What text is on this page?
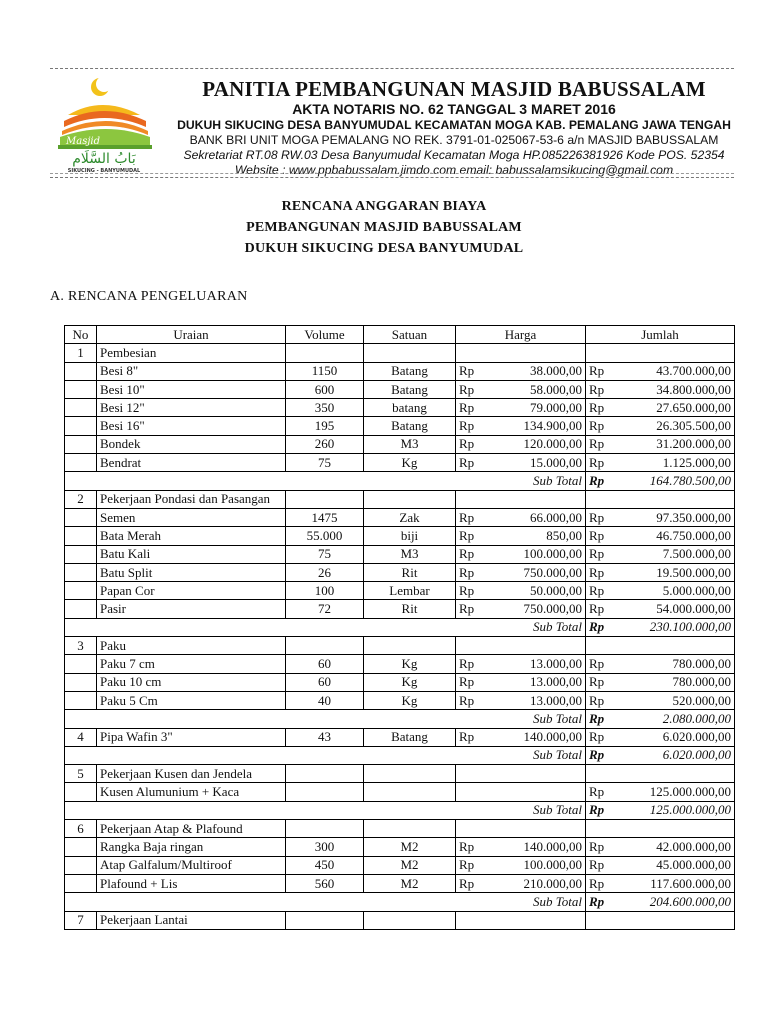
Masjid
بَابُ السَّلَام
SIKUCING - BANYUMUDAL
PANITIA PEMBANGUNAN MASJID BABUSSALAM
AKTA NOTARIS NO. 62 TANGGAL 3 MARET 2016
DUKUH SIKUCING DESA BANYUMUDAL KECAMATAN MOGA KAB. PEMALANG JAWA TENGAH
BANK BRI UNIT MOGA PEMALANG NO REK. 3791-01-025067-53-6 a/n MASJID BABUSSALAM
Sekretariat RT.08 RW.03 Desa Banyumudal Kecamatan Moga HP.085226381926 Kode POS. 52354
Website : www.ppbabussalam.jimdo.com email: babussalamsikucing@gmail.com
RENCANA ANGGARAN BIAYA
PEMBANGUNAN MASJID BABUSSALAM
DUKUH SIKUCING DESA BANYUMUDAL
A. RENCANA PENGELUARAN
No	Uraian	Volume	Satuan	Harga		Jumlah	
1	Pembesian						
	Besi 8"	1150	Batang	Rp	38.000,00	Rp	43.700.000,00
	Besi 10"	600	Batang	Rp	58.000,00	Rp	34.800.000,00
	Besi 12"	350	batang	Rp	79.000,00	Rp	27.650.000,00
	Besi 16"	195	Batang	Rp	134.900,00	Rp	26.305.500,00
	Bondek	260	M3	Rp	120.000,00	Rp	31.200.000,00
	Bendrat	75	Kg	Rp	15.000,00	Rp	1.125.000,00
				Sub Total		Rp	164.780.500,00
2	Pekerjaan Pondasi dan Pasangan						
	Semen	1475	Zak	Rp	66.000,00	Rp	97.350.000,00
	Bata Merah	55.000	biji	Rp	850,00	Rp	46.750.000,00
	Batu Kali	75	M3	Rp	100.000,00	Rp	7.500.000,00
	Batu Split	26	Rit	Rp	750.000,00	Rp	19.500.000,00
	Papan Cor	100	Lembar	Rp	50.000,00	Rp	5.000.000,00
	Pasir	72	Rit	Rp	750.000,00	Rp	54.000.000,00
				Sub Total		Rp	230.100.000,00
3	Paku						
	Paku 7 cm	60	Kg	Rp	13.000,00	Rp	780.000,00
	Paku 10 cm	60	Kg	Rp	13.000,00	Rp	780.000,00
	Paku 5 Cm	40	Kg	Rp	13.000,00	Rp	520.000,00
				Sub Total		Rp	2.080.000,00
4	Pipa Wafin 3"	43	Batang	Rp	140.000,00	Rp	6.020.000,00
				Sub Total		Rp	6.020.000,00
5	Pekerjaan Kusen dan Jendela						
	Kusen Alumunium + Kaca					Rp	125.000.000,00
				Sub Total		Rp	125.000.000,00
6	Pekerjaan Atap & Plafound						
	Rangka Baja ringan	300	M2	Rp	140.000,00	Rp	42.000.000,00
	Atap Galfalum/Multiroof	450	M2	Rp	100.000,00	Rp	45.000.000,00
	Plafound + Lis	560	M2	Rp	210.000,00	Rp	117.600.000,00
				Sub Total		Rp	204.600.000,00
7	Pekerjaan Lantai						
